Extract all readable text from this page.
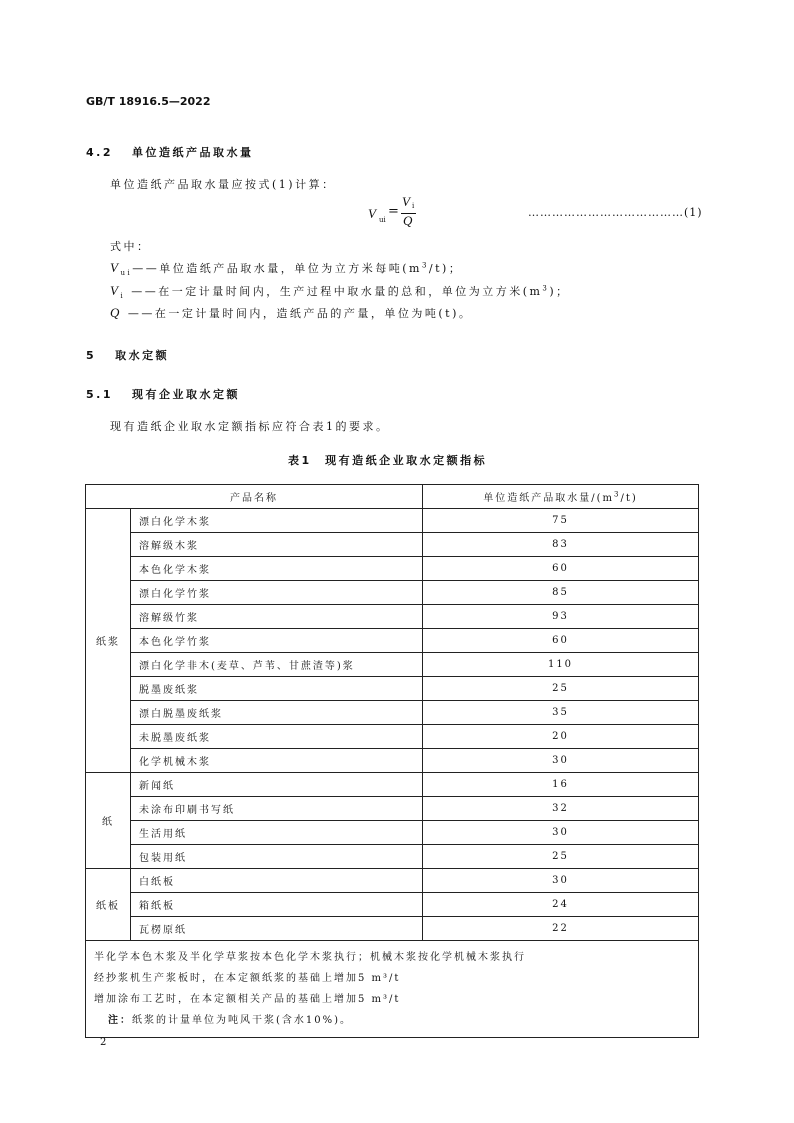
GB/T 18916.5—2022
4.2 单位造纸产品取水量
单位造纸产品取水量应按式(1)计算：
V ui
=
V i
Q
…………………………………(1)
式中：
$V_{ui}——$单位造纸产品取水量，单位为立方米每吨$(m^3/t)$；
$V_i$ ——在一定计量时间内，生产过程中取水量的总和，单位为立方米$(m^3)$；
Q ——在一定计量时间内，造纸产品的产量，单位为吨(t)。
5 取水定额
5.1 现有企业取水定额
现有造纸企业取水定额指标应符合表1的要求。
表1　现有造纸企业取水定额指标
产品名称		单位造纸产品取水量$/(m^3/t)$
纸浆	漂白化学木浆	75
	溶解级木浆	83
	本色化学木浆	60
	漂白化学竹浆	85
	溶解级竹浆	93
	本色化学竹浆	60
	漂白化学非木(麦草、芦苇、甘蔗渣等)浆	110
	脱墨废纸浆	25
	漂白脱墨废纸浆	35
	未脱墨废纸浆	20
	化学机械木浆	30
纸	新闻纸	16
	未涂布印刷书写纸	32
	生活用纸	30
	包装用纸	25
纸板	白纸板	30
	箱纸板	24
	瓦楞原纸	22

半化学本色木浆及半化学草浆按本色化学木浆执行；机械木浆按化学机械木浆执行
经抄浆机生产浆板时，在本定额纸浆的基础上增加5 m³/t
增加涂布工艺时，在本定额相关产品的基础上增加5 m³/t
注：纸浆的计量单位为吨风干浆(含水10%)。		
2
